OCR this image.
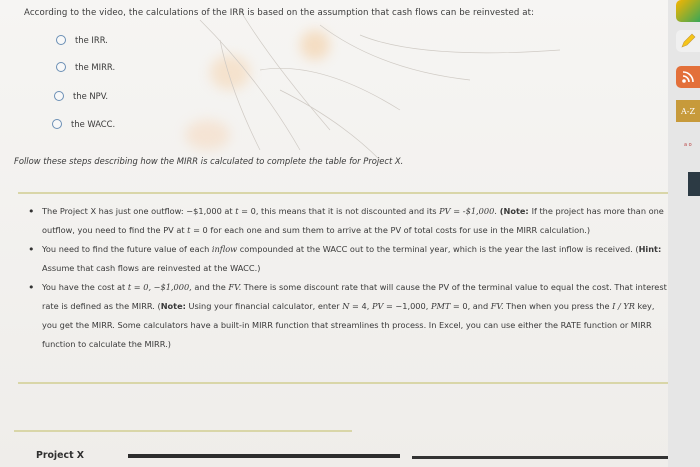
According to the video, the calculations of the IRR is based on the assumption that cash flows can be reinvested at:
the IRR.
the MIRR.
the NPV.
the WACC.
Follow these steps describing how the MIRR is calculated to complete the table for Project X.
• The Project X has just one outflow: −$1,000 at t = 0, this means that it is not discounted and its PV = -$1,000. (Note: If the project has more than one outflow, you need to find the PV at t = 0 for each one and sum them to arrive at the PV of total costs for use in the MIRR calculation.)
• You need to find the future value of each inflow compounded at the WACC out to the terminal year, which is the year the last inflow is received. (Hint: Assume that cash flows are reinvested at the WACC.)
• You have the cost at t = 0, −$1,000, and the FV. There is some discount rate that will cause the PV of the terminal value to equal the cost. That interest rate is defined as the MIRR. (Note: Using your financial calculator, enter N = 4, PV = −1,000, PMT = 0, and FV. Then when you press the I / YR key, you get the MIRR. Some calculators have a built-in MIRR function that streamlines th process. In Excel, you can use either the RATE function or MIRR function to calculate the MIRR.)
Project X
A-Z
a o
